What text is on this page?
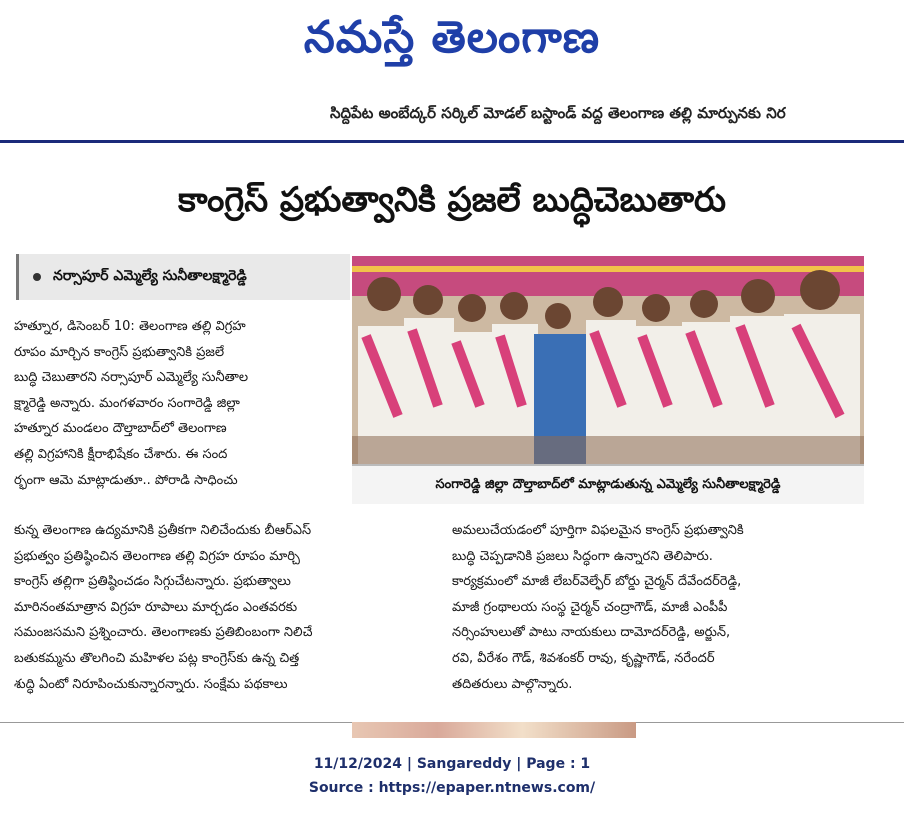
నమస్తే తెలంగాణ
సిద్దిపేట అంబేద్కర్ సర్కిల్ మోడల్ బస్టాండ్ వద్ద తెలంగాణ తల్లి మార్పునకు నిర
కాంగ్రెస్ ప్రభుత్వానికి ప్రజలే బుద్ధిచెబుతారు
నర్సాపూర్ ఎమ్మెల్యే సునీతాలక్ష్మారెడ్డి
సంగారెడ్డి జిల్లా దౌల్తాబాద్‌లో మాట్లాడుతున్న ఎమ్మెల్యే సునీతాలక్ష్మారెడ్డి

హత్నూర, డిసెంబర్ 10: తెలంగాణ తల్లి విగ్రహ

రూపం మార్చిన కాంగ్రెస్ ప్రభుత్వానికి ప్రజలే

బుద్ధి చెబుతారని నర్సాపూర్ ఎమ్మెల్యే సునీతాల

క్ష్మారెడ్డి అన్నారు. మంగళవారం సంగారెడ్డి జిల్లా

హత్నూర మండలం దౌల్తాబాద్‌లో తెలంగాణ

తల్లి విగ్రహానికి క్షీరాభిషేకం చేశారు. ఈ సంద

ర్భంగా ఆమె మాట్లాడుతూ.. పోరాడి సాధించు

కున్న తెలంగాణ ఉద్యమానికి ప్రతీకగా నిలిచేందుకు బీఆర్ఎస్

ప్రభుత్వం ప్రతిష్ఠించిన తెలంగాణ తల్లి విగ్రహ రూపం మార్చి

కాంగ్రెస్ తల్లిగా ప్రతిష్ఠించడం సిగ్గుచేటన్నారు. ప్రభుత్వాలు

మారినంతమాత్రాన విగ్రహ రూపాలు మార్చడం ఎంతవరకు

సమంజసమని ప్రశ్నించారు. తెలంగాణకు ప్రతిబింబంగా నిలిచే

బతుకమ్మను తొలగించి మహిళల పట్ల కాంగ్రెస్‌కు ఉన్న చిత్త

శుద్ధి ఏంటో నిరూపించుకున్నారన్నారు. సంక్షేమ పథకాలు

అమలుచేయడంలో పూర్తిగా విఫలమైన కాంగ్రెస్ ప్రభుత్వానికి

బుద్ధి చెప్పడానికి ప్రజలు సిద్ధంగా ఉన్నారని తెలిపారు.

కార్యక్రమంలో మాజీ లేబర్‌వెల్ఫేర్ బోర్డు చైర్మన్ దేవేందర్‌రెడ్డి,

మాజీ గ్రంథాలయ సంస్థ చైర్మన్ చంద్రాగౌడ్, మాజీ ఎంపీపీ

నర్సింహులుతో పాటు నాయకులు దామోదర్‌రెడ్డి, అర్జున్,

రవి, వీరేశం గౌడ్, శివశంకర్ రావు, కృష్ణాగౌడ్, నరేందర్

తదితరులు పాల్గొన్నారు.

11/12/2024 | Sangareddy | Page : 1
Source : https://epaper.ntnews.com/
